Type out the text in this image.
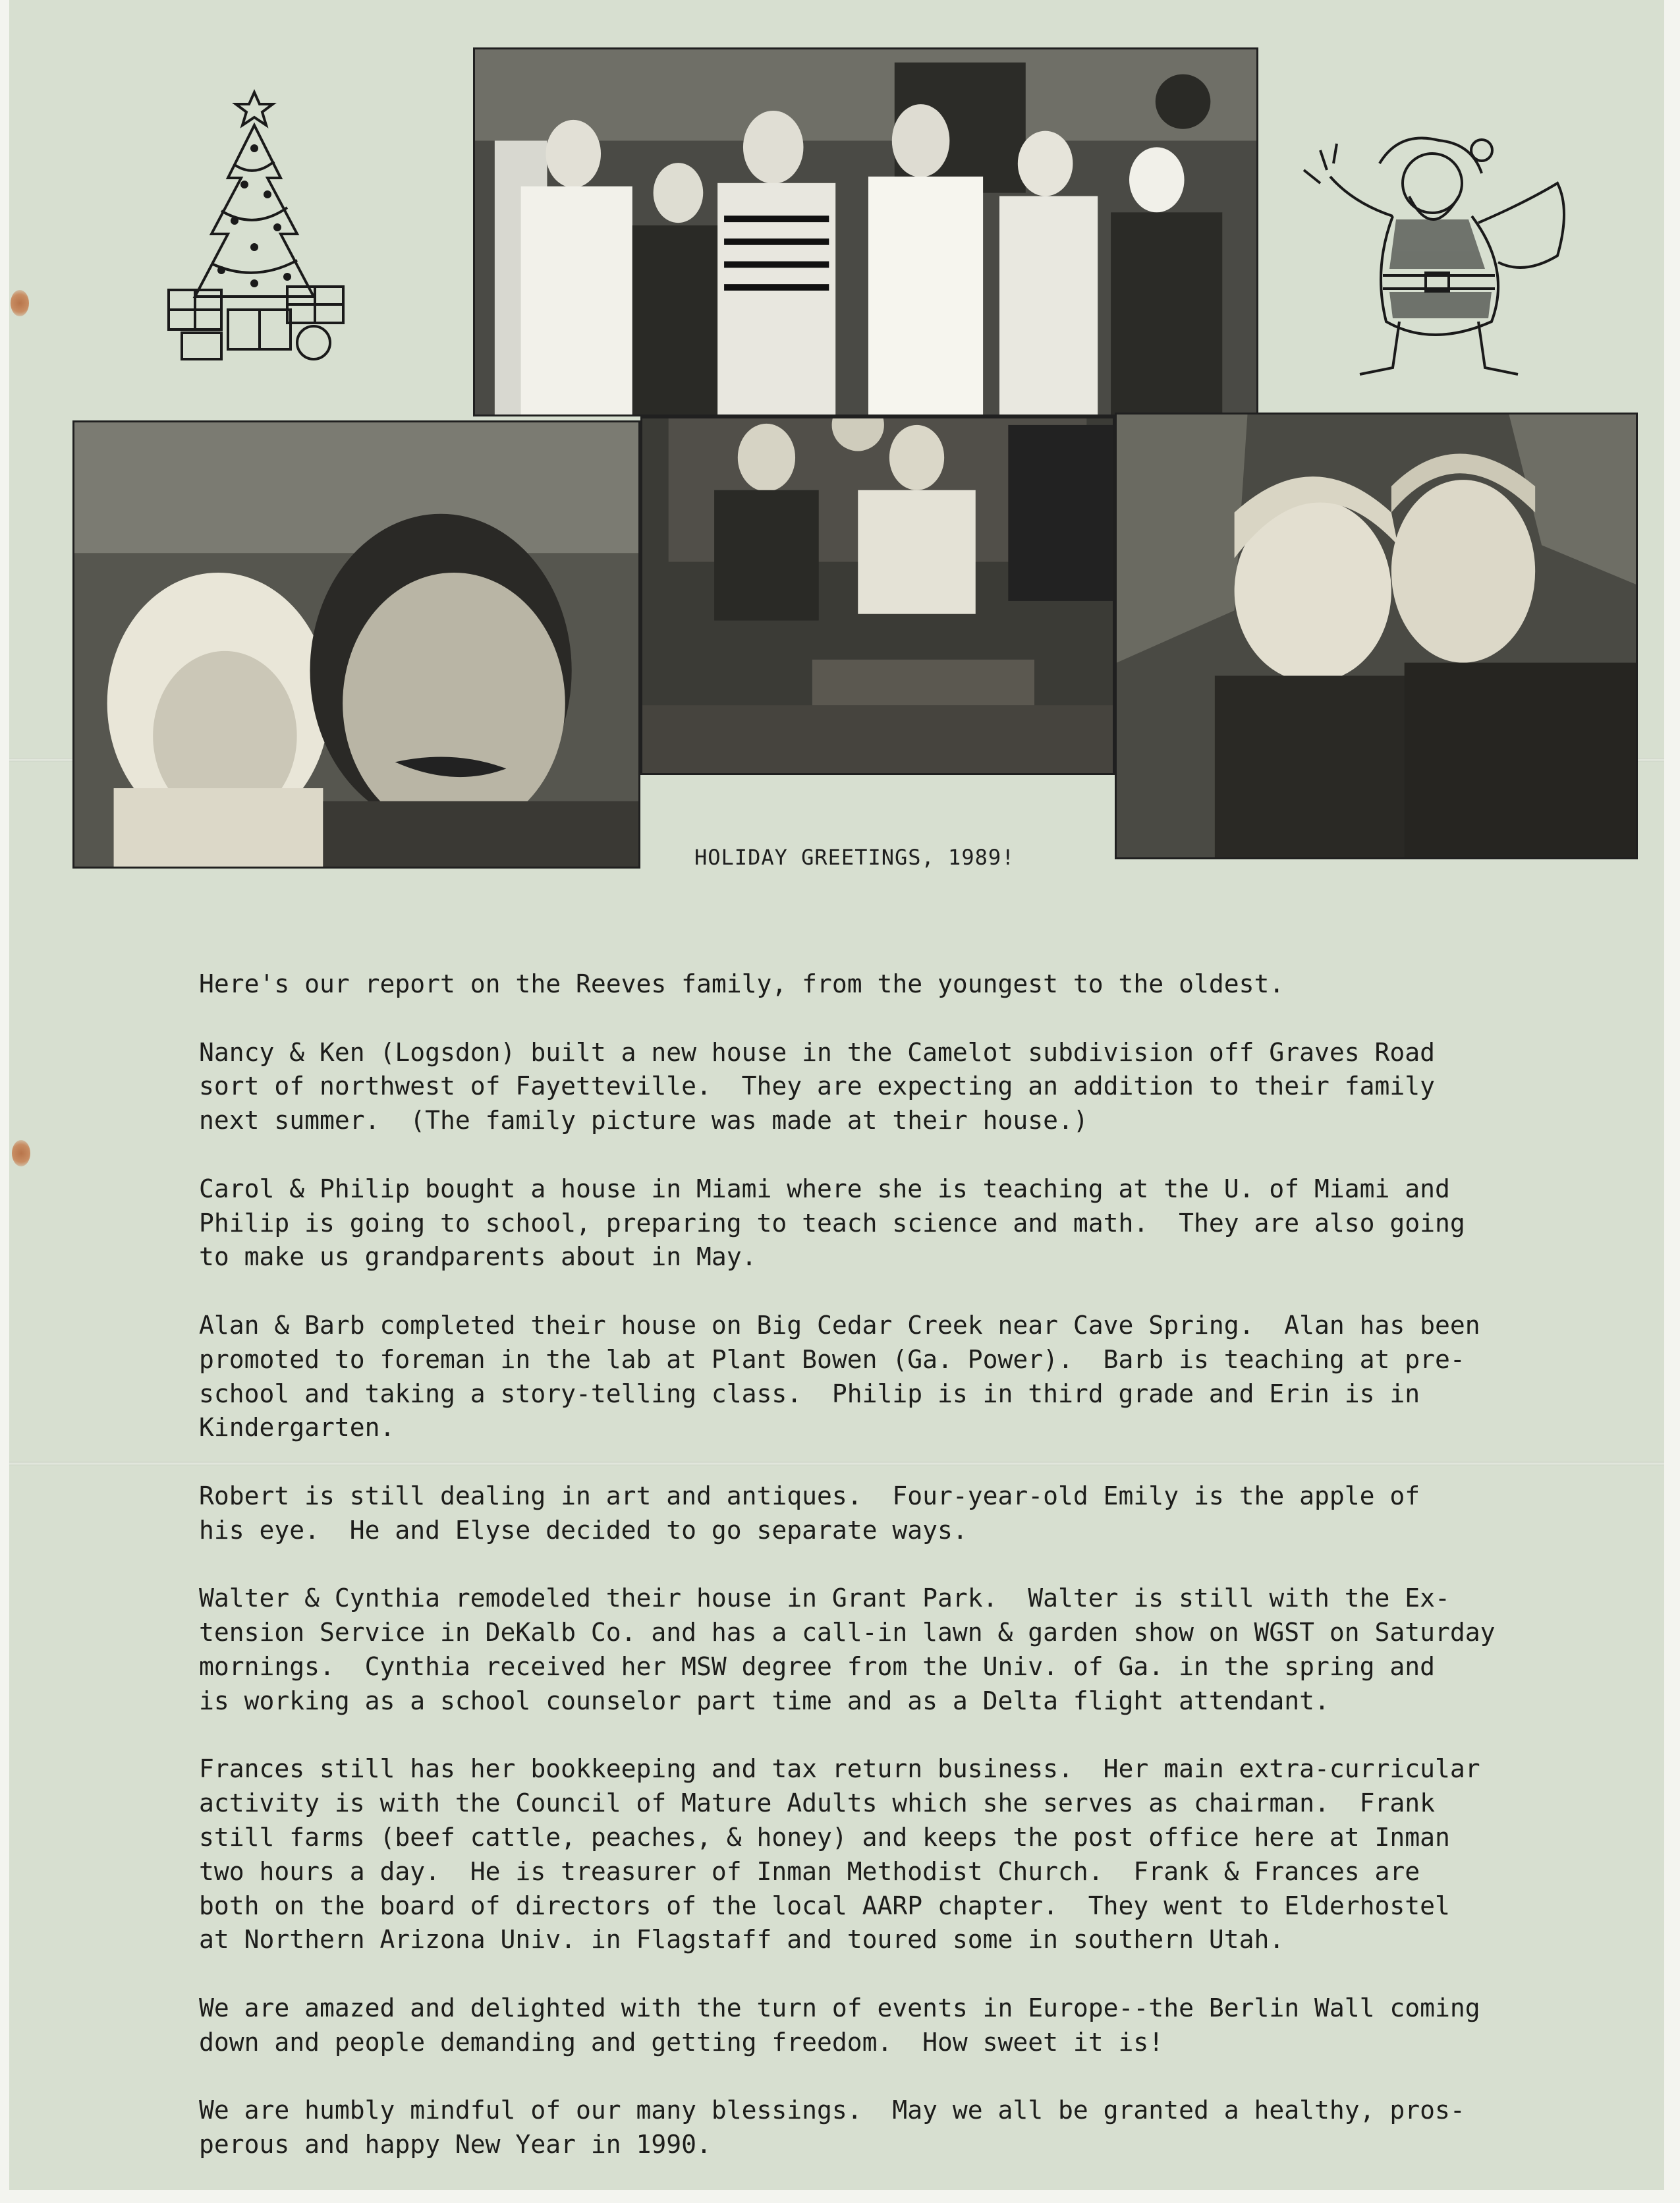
HOLIDAY GREETINGS, 1989!
Here's our report on the Reeves family, from the youngest to the oldest.
Nancy & Ken (Logsdon) built a new house in the Camelot subdivision off Graves Road
sort of northwest of Fayetteville.  They are expecting an addition to their family
next summer.  (The family picture was made at their house.)
Carol & Philip bought a house in Miami where she is teaching at the U. of Miami and
Philip is going to school, preparing to teach science and math.  They are also going
to make us grandparents about in May.
Alan & Barb completed their house on Big Cedar Creek near Cave Spring.  Alan has been
promoted to foreman in the lab at Plant Bowen (Ga. Power).  Barb is teaching at pre-
school and taking a story-telling class.  Philip is in third grade and Erin is in
Kindergarten.
Robert is still dealing in art and antiques.  Four-year-old Emily is the apple of
his eye.  He and Elyse decided to go separate ways.
Walter & Cynthia remodeled their house in Grant Park.  Walter is still with the Ex-
tension Service in DeKalb Co. and has a call-in lawn & garden show on WGST on Saturday
mornings.  Cynthia received her MSW degree from the Univ. of Ga. in the spring and
is working as a school counselor part time and as a Delta flight attendant.
Frances still has her bookkeeping and tax return business.  Her main extra-curricular
activity is with the Council of Mature Adults which she serves as chairman.  Frank
still farms (beef cattle, peaches, & honey) and keeps the post office here at Inman
two hours a day.  He is treasurer of Inman Methodist Church.  Frank & Frances are
both on the board of directors of the local AARP chapter.  They went to Elderhostel
at Northern Arizona Univ. in Flagstaff and toured some in southern Utah.
We are amazed and delighted with the turn of events in Europe--the Berlin Wall coming
down and people demanding and getting freedom.  How sweet it is!
We are humbly mindful of our many blessings.  May we all be granted a healthy, pros-
perous and happy New Year in 1990.
